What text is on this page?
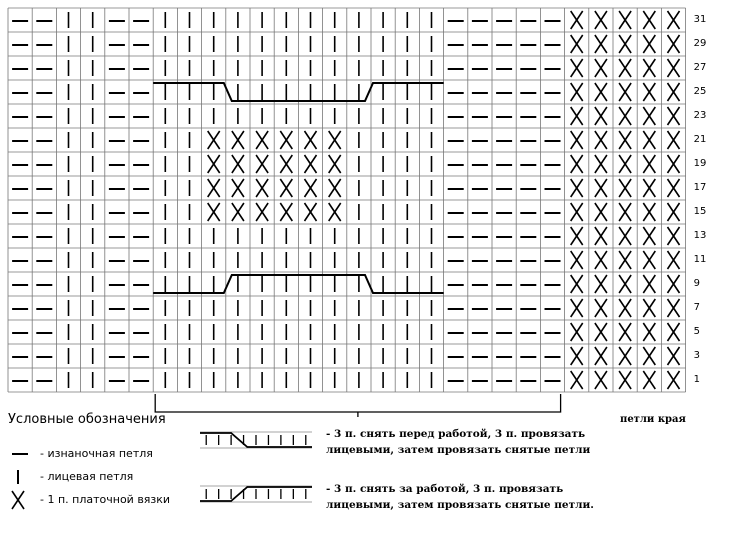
31
29
27
25
23
21
19
17
15
13
11
9
7
5
3
1
Условные обозначения
- изнаночная петля
- лицевая петля
- 1 п. платочной вязки
- 3 п. снять перед работой, 3 п. провязать
лицевыми, затем провязать снятые петли
- 3 п. снять за работой, 3 п. провязать
лицевыми, затем провязать снятые петли.
петли края
